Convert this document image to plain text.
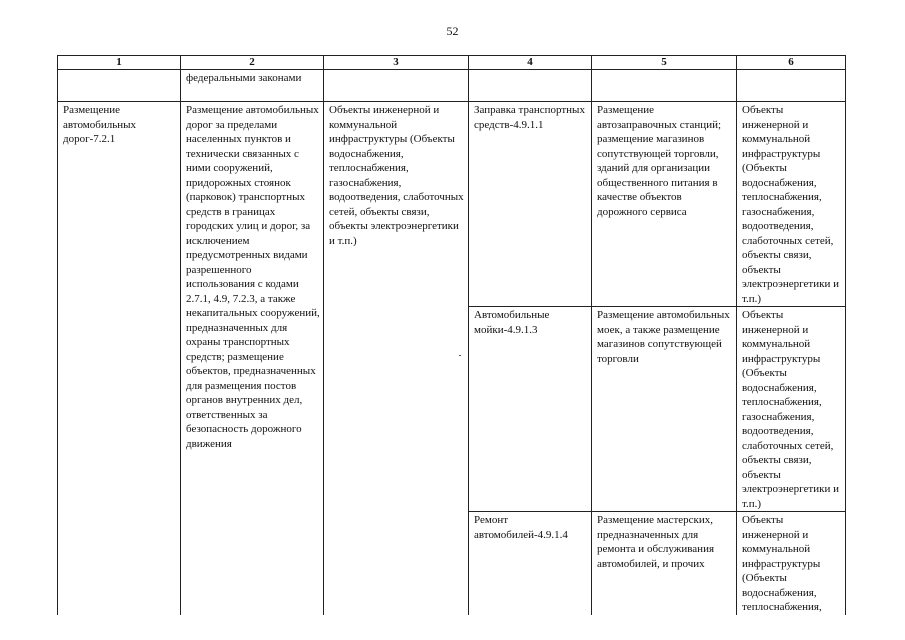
52
1	2	3	4	5	6
	федеральными законами				
Размещение автомобильных дорог-7.2.1	Размещение автомобильных дорог за пределами населенных пунктов и технически связанных с ними сооружений, придорожных стоянок (парковок) транспортных средств в границах городских улиц и дорог, за исключением предусмотренных видами разрешенного использования с кодами 2.7.1, 4.9, 7.2.3, а также некапитальных сооружений, предназначенных для охраны транспортных средств; размещение объектов, предназначенных для размещения постов органов внутренних дел, ответственных за безопасность дорожного движения	Объекты инженерной и коммунальной инфраструктуры (Объекты водоснабжения, теплоснабжения, газоснабжения, водоотведения, слаботочных сетей, объекты связи, объекты электроэнергетики и т.п.)	Заправка транспортных средств-4.9.1.1	Размещение автозаправочных станций; размещение магазинов сопутствующей торговли, зданий для организации общественного питания в качестве объектов дорожного сервиса	Объекты инженерной и коммунальной инфраструктуры (Объекты водоснабжения, теплоснабжения, газоснабжения, водоотведения, слаботочных сетей, объекты связи, объекты электроэнергетики и т.п.)
			Автомобильные мойки-4.9.1.3	Размещение автомобильных моек, а также размещение магазинов сопутствующей торговли	Объекты инженерной и коммунальной инфраструктуры (Объекты водоснабжения, теплоснабжения, газоснабжения, водоотведения, слаботочных сетей, объекты связи, объекты электроэнергетики и т.п.)
			Ремонт автомобилей-4.9.1.4	Размещение мастерских, предназначенных для ремонта и обслуживания автомобилей, и прочих	Объекты инженерной и коммунальной инфраструктуры (Объекты водоснабжения, теплоснабжения,
